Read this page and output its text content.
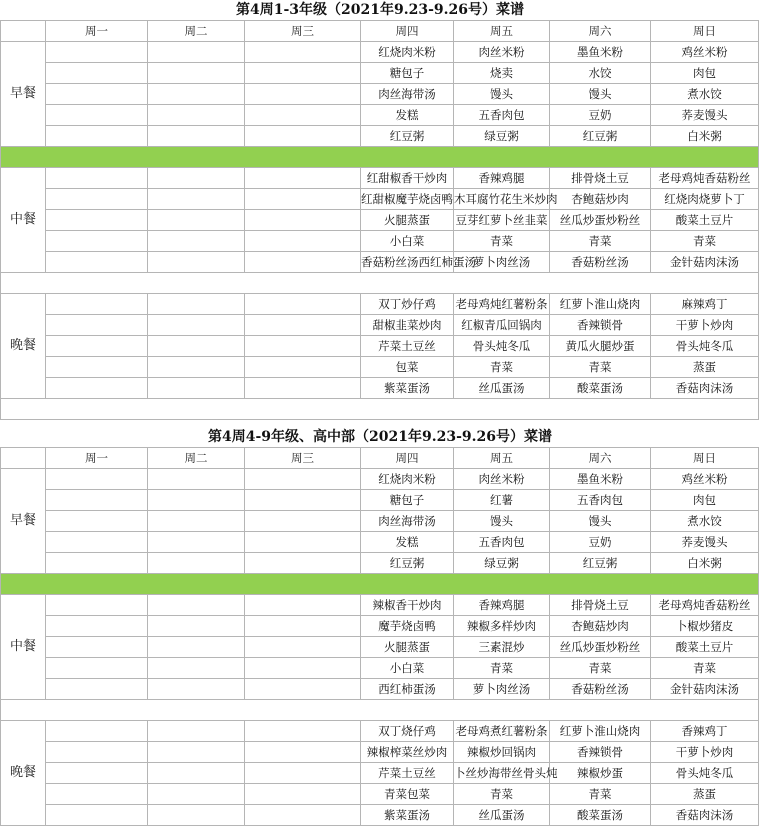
第4周1-3年级（2021年9.23-9.26号）菜谱
	周一	周二	周三	周四	周五	周六	周日
早餐				红烧肉米粉	肉丝米粉	墨鱼米粉	鸡丝米粉
				糖包子	烧卖	水饺	肉包
				肉丝海带汤	馒头	馒头	煮水饺
				发糕	五香肉包	豆奶	荞麦馒头
				红豆粥	绿豆粥	红豆粥	白米粥

中餐				红甜椒香干炒肉	香辣鸡腿	排骨烧土豆	老母鸡炖香菇粉丝
				红甜椒魔芋烧卤鸭	木耳腐竹花生米炒肉	杏鲍菇炒肉	红烧肉烧萝卜丁
				火腿蒸蛋	豆芽红萝卜丝韭菜	丝瓜炒蛋炒粉丝	酸菜土豆片
				小白菜	青菜	青菜	青菜
				香菇粉丝汤西红柿蛋汤	萝卜肉丝汤	香菇粉丝汤	金针菇肉沫汤

晚餐				双丁炒仔鸡	老母鸡炖红薯粉条	红萝卜淮山烧肉	麻辣鸡丁
				甜椒韭菜炒肉	红椒青瓜回锅肉	香辣锁骨	干萝卜炒肉
				芹菜土豆丝	骨头炖冬瓜	黄瓜火腿炒蛋	骨头炖冬瓜
				包菜	青菜	青菜	蒸蛋
				紫菜蛋汤	丝瓜蛋汤	酸菜蛋汤	香菇肉沫汤

第4周4-9年级、高中部（2021年9.23-9.26号）菜谱
	周一	周二	周三	周四	周五	周六	周日
早餐				红烧肉米粉	肉丝米粉	墨鱼米粉	鸡丝米粉
				糖包子	红薯	五香肉包	肉包
				肉丝海带汤	馒头	馒头	煮水饺
				发糕	五香肉包	豆奶	荞麦馒头
				红豆粥	绿豆粥	红豆粥	白米粥

中餐				辣椒香干炒肉	香辣鸡腿	排骨烧土豆	老母鸡炖香菇粉丝
				魔芋烧卤鸭	辣椒多样炒肉	杏鲍菇炒肉	卜椒炒猪皮
				火腿蒸蛋	三素混炒	丝瓜炒蛋炒粉丝	酸菜土豆片
				小白菜	青菜	青菜	青菜
				西红柿蛋汤	萝卜肉丝汤	香菇粉丝汤	金针菇肉沫汤

晚餐				双丁烧仔鸡	老母鸡煮红薯粉条	红萝卜淮山烧肉	香辣鸡丁
				辣椒榨菜丝炒肉	辣椒炒回锅肉	香辣锁骨	干萝卜炒肉
				芹菜土豆丝	卜丝炒海带丝骨头炖	辣椒炒蛋	骨头炖冬瓜
				青菜包菜	青菜	青菜	蒸蛋
				紫菜蛋汤	丝瓜蛋汤	酸菜蛋汤	香菇肉沫汤
